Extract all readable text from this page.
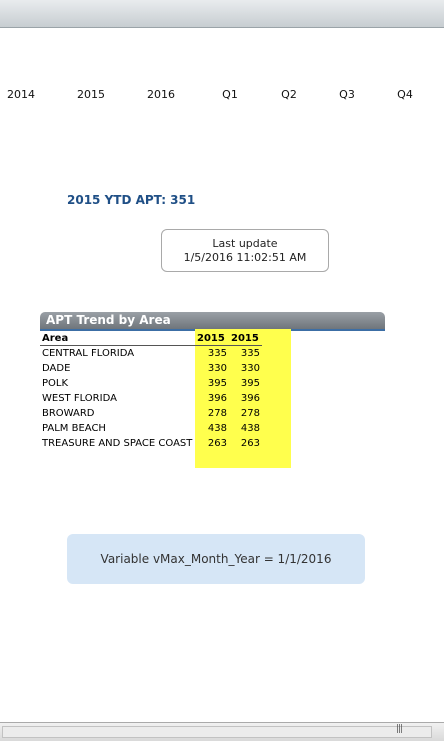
2014	2015	2016	Q1	Q2	Q3	Q4
2015 YTD APT: 351
Last update
1/5/2016 11:02:51 AM
APT Trend by Area
Area	2015 2015
CENTRAL FLORIDA	335	335
DADE	330	330
POLK	395	395
WEST FLORIDA	396	396
BROWARD	278	278
PALM BEACH	438	438
TREASURE AND SPACE COAST	263	263
Variable vMax_Month_Year = 1/1/2016
|||
